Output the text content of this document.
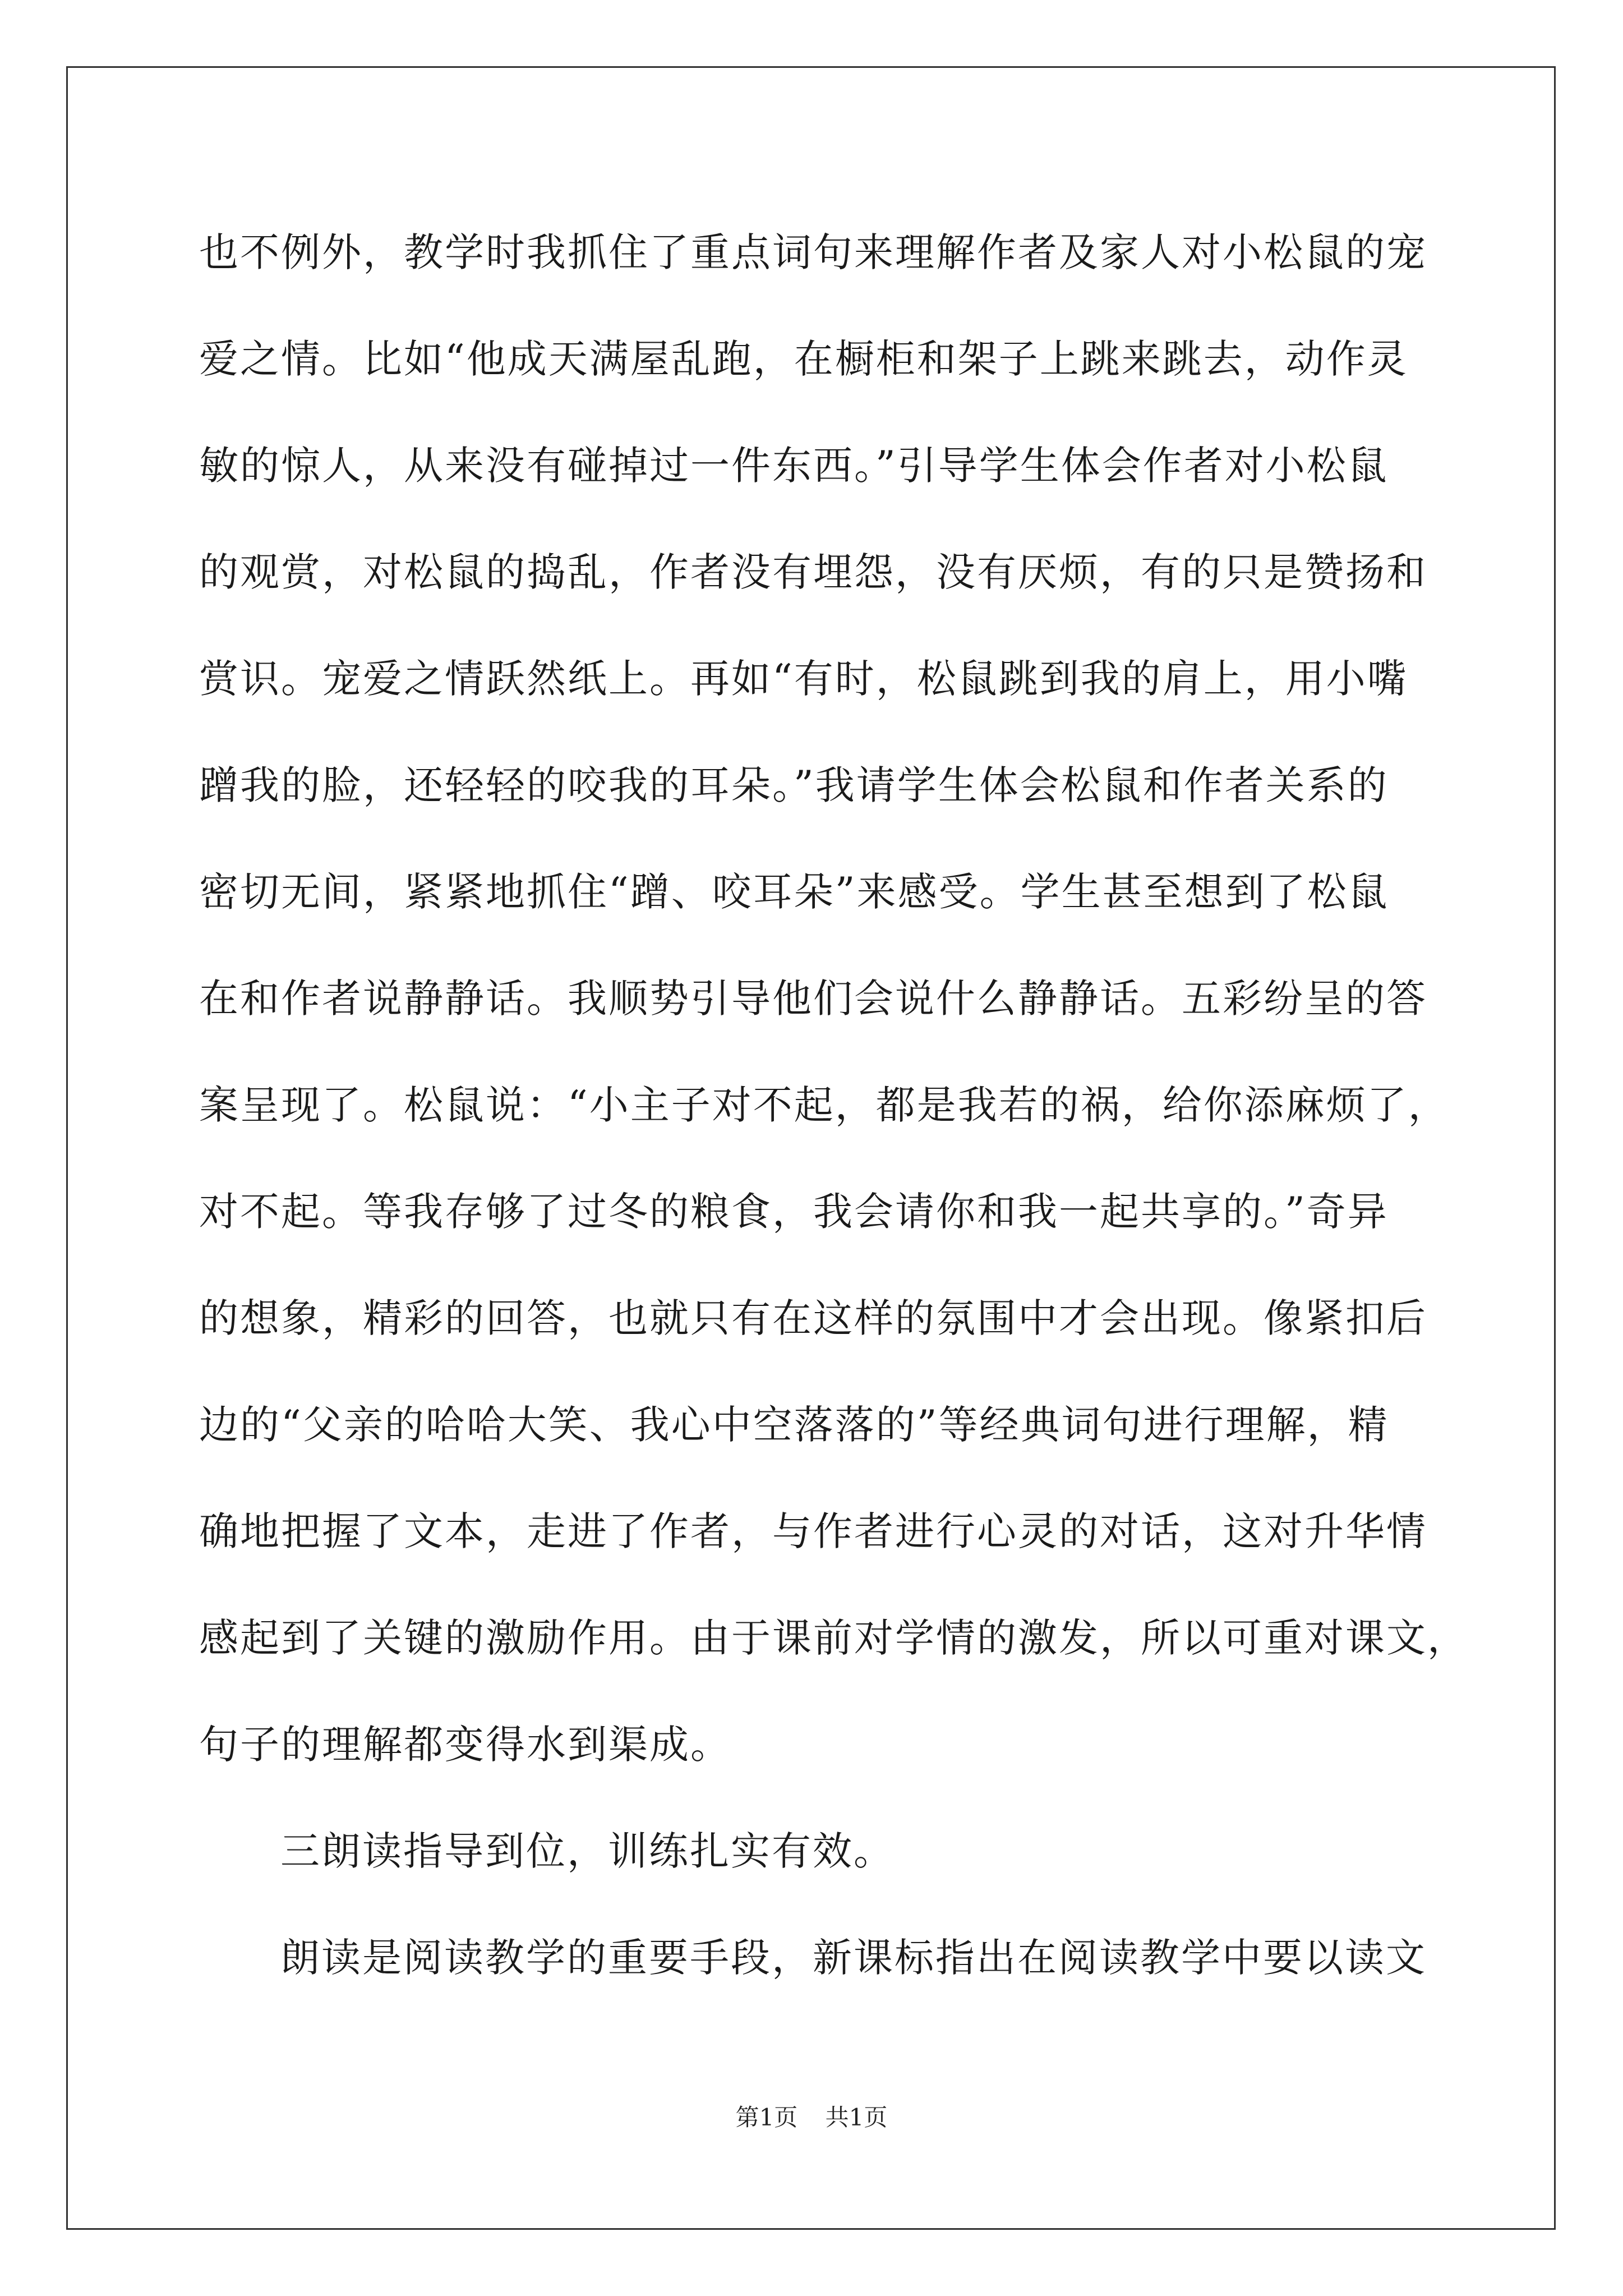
也不例外，教学时我抓住了重点词句来理解作者及家人对小松鼠的宠
爱之情。比如“他成天满屋乱跑，在橱柜和架子上跳来跳去，动作灵
敏的惊人，从来没有碰掉过一件东西。”引导学生体会作者对小松鼠
的观赏，对松鼠的捣乱，作者没有埋怨，没有厌烦，有的只是赞扬和
赏识。宠爱之情跃然纸上。再如“有时，松鼠跳到我的肩上，用小嘴
蹭我的脸，还轻轻的咬我的耳朵。”我请学生体会松鼠和作者关系的
密切无间，紧紧地抓住“蹭、咬耳朵”来感受。学生甚至想到了松鼠
在和作者说静静话。我顺势引导他们会说什么静静话。五彩纷呈的答
案呈现了。松鼠说：“小主子对不起，都是我若的祸，给你添麻烦了，
对不起。等我存够了过冬的粮食，我会请你和我一起共享的。”奇异
的想象，精彩的回答，也就只有在这样的氛围中才会出现。像紧扣后
边的“父亲的哈哈大笑、我心中空落落的”等经典词句进行理解，精
确地把握了文本，走进了作者，与作者进行心灵的对话，这对升华情
感起到了关键的激励作用。由于课前对学情的激发，所以可重对课文，
句子的理解都变得水到渠成。
三朗读指导到位，训练扎实有效。
朗读是阅读教学的重要手段，新课标指出在阅读教学中要以读文
第1页 共1页
